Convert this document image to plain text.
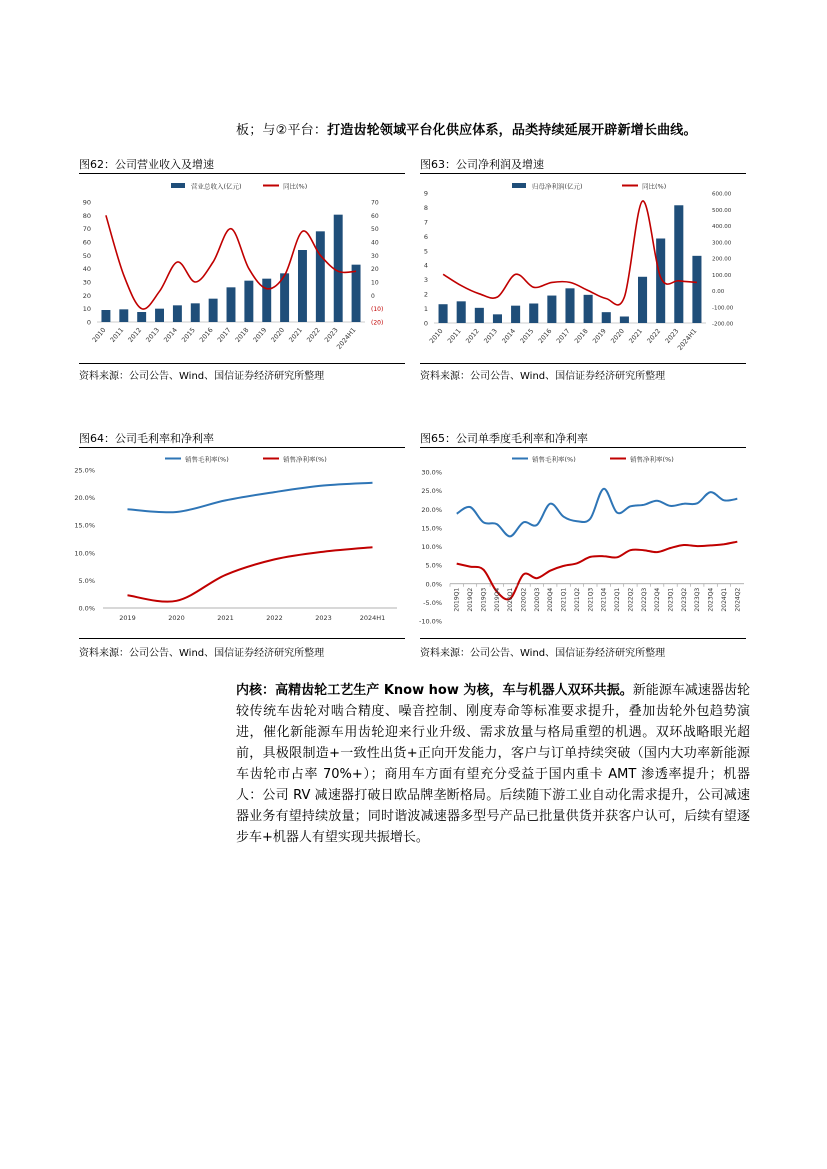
板；与②平台：打造齿轮领域平台化供应体系，品类持续延展开辟新增长曲线。
图62：公司营业收入及增速
营业总收入(亿元)	同比(%)
0
10
20
30
40
50
60
70
80
90
(20)
(10)
0
10
20
30
40
50
60
70
2010 2011 2012 2013 2014 2015 2016 2017 2018 2019 2020 2021 2022 2023
2024H1
资料来源：公司公告、Wind、国信证券经济研究所整理
图63：公司净利润及增速
归母净利润(亿元)	同比(%)
0
1
2
3
4
5
6
7
8
9
-200.00
-100.00
0.00
100.00
200.00
300.00
400.00
500.00
600.00
2010 2011 2012 2013 2014 2015 2016 2017 2018 2019 2020 2021 2022 2023
2024H1
资料来源：公司公告、Wind、国信证券经济研究所整理
图64：公司毛利率和净利率
销售毛利率(%)	销售净利率(%)
0.0%
5.0%
10.0%
15.0%
20.0%
25.0%
2019	2020	2021	2022	2023	2024H1
资料来源：公司公告、Wind、国信证券经济研究所整理
图65：公司单季度毛利率和净利率
销售毛利率(%)	销售净利率(%)
-10.0%
-5.0%
0.0%
5.0%
10.0%
15.0%
20.0%
25.0%
30.0%
2019Q1 2019Q2 2019Q3 2019Q4 2020Q1 2020Q2 2020Q3 2020Q4 2021Q1 2021Q2 2021Q3 2021Q4 2022Q1 2022Q2 2022Q3 2022Q4 2023Q1 2023Q2 2023Q3 2023Q4 2024Q1 2024Q2
资料来源：公司公告、Wind、国信证券经济研究所整理
内核：高精齿轮工艺生产 Know how 为核，车与机器人双环共振。新能源车减速器齿轮较传统车齿轮对啮合精度、噪音控制、刚度寿命等标准要求提升，叠加齿轮外包趋势演进，催化新能源车用齿轮迎来行业升级、需求放量与格局重塑的机遇。双环战略眼光超前，具极限制造+一致性出货+正向开发能力，客户与订单持续突破（国内大功率新能源车齿轮市占率 70%+）；商用车方面有望充分受益于国内重卡 AMT 渗透率提升；机器人：公司 RV 减速器打破日欧品牌垄断格局。后续随下游工业自动化需求提升，公司减速器业务有望持续放量；同时谐波减速器多型号产品已批量供货并获客户认可，后续有望逐步车+机器人有望实现共振增长。
